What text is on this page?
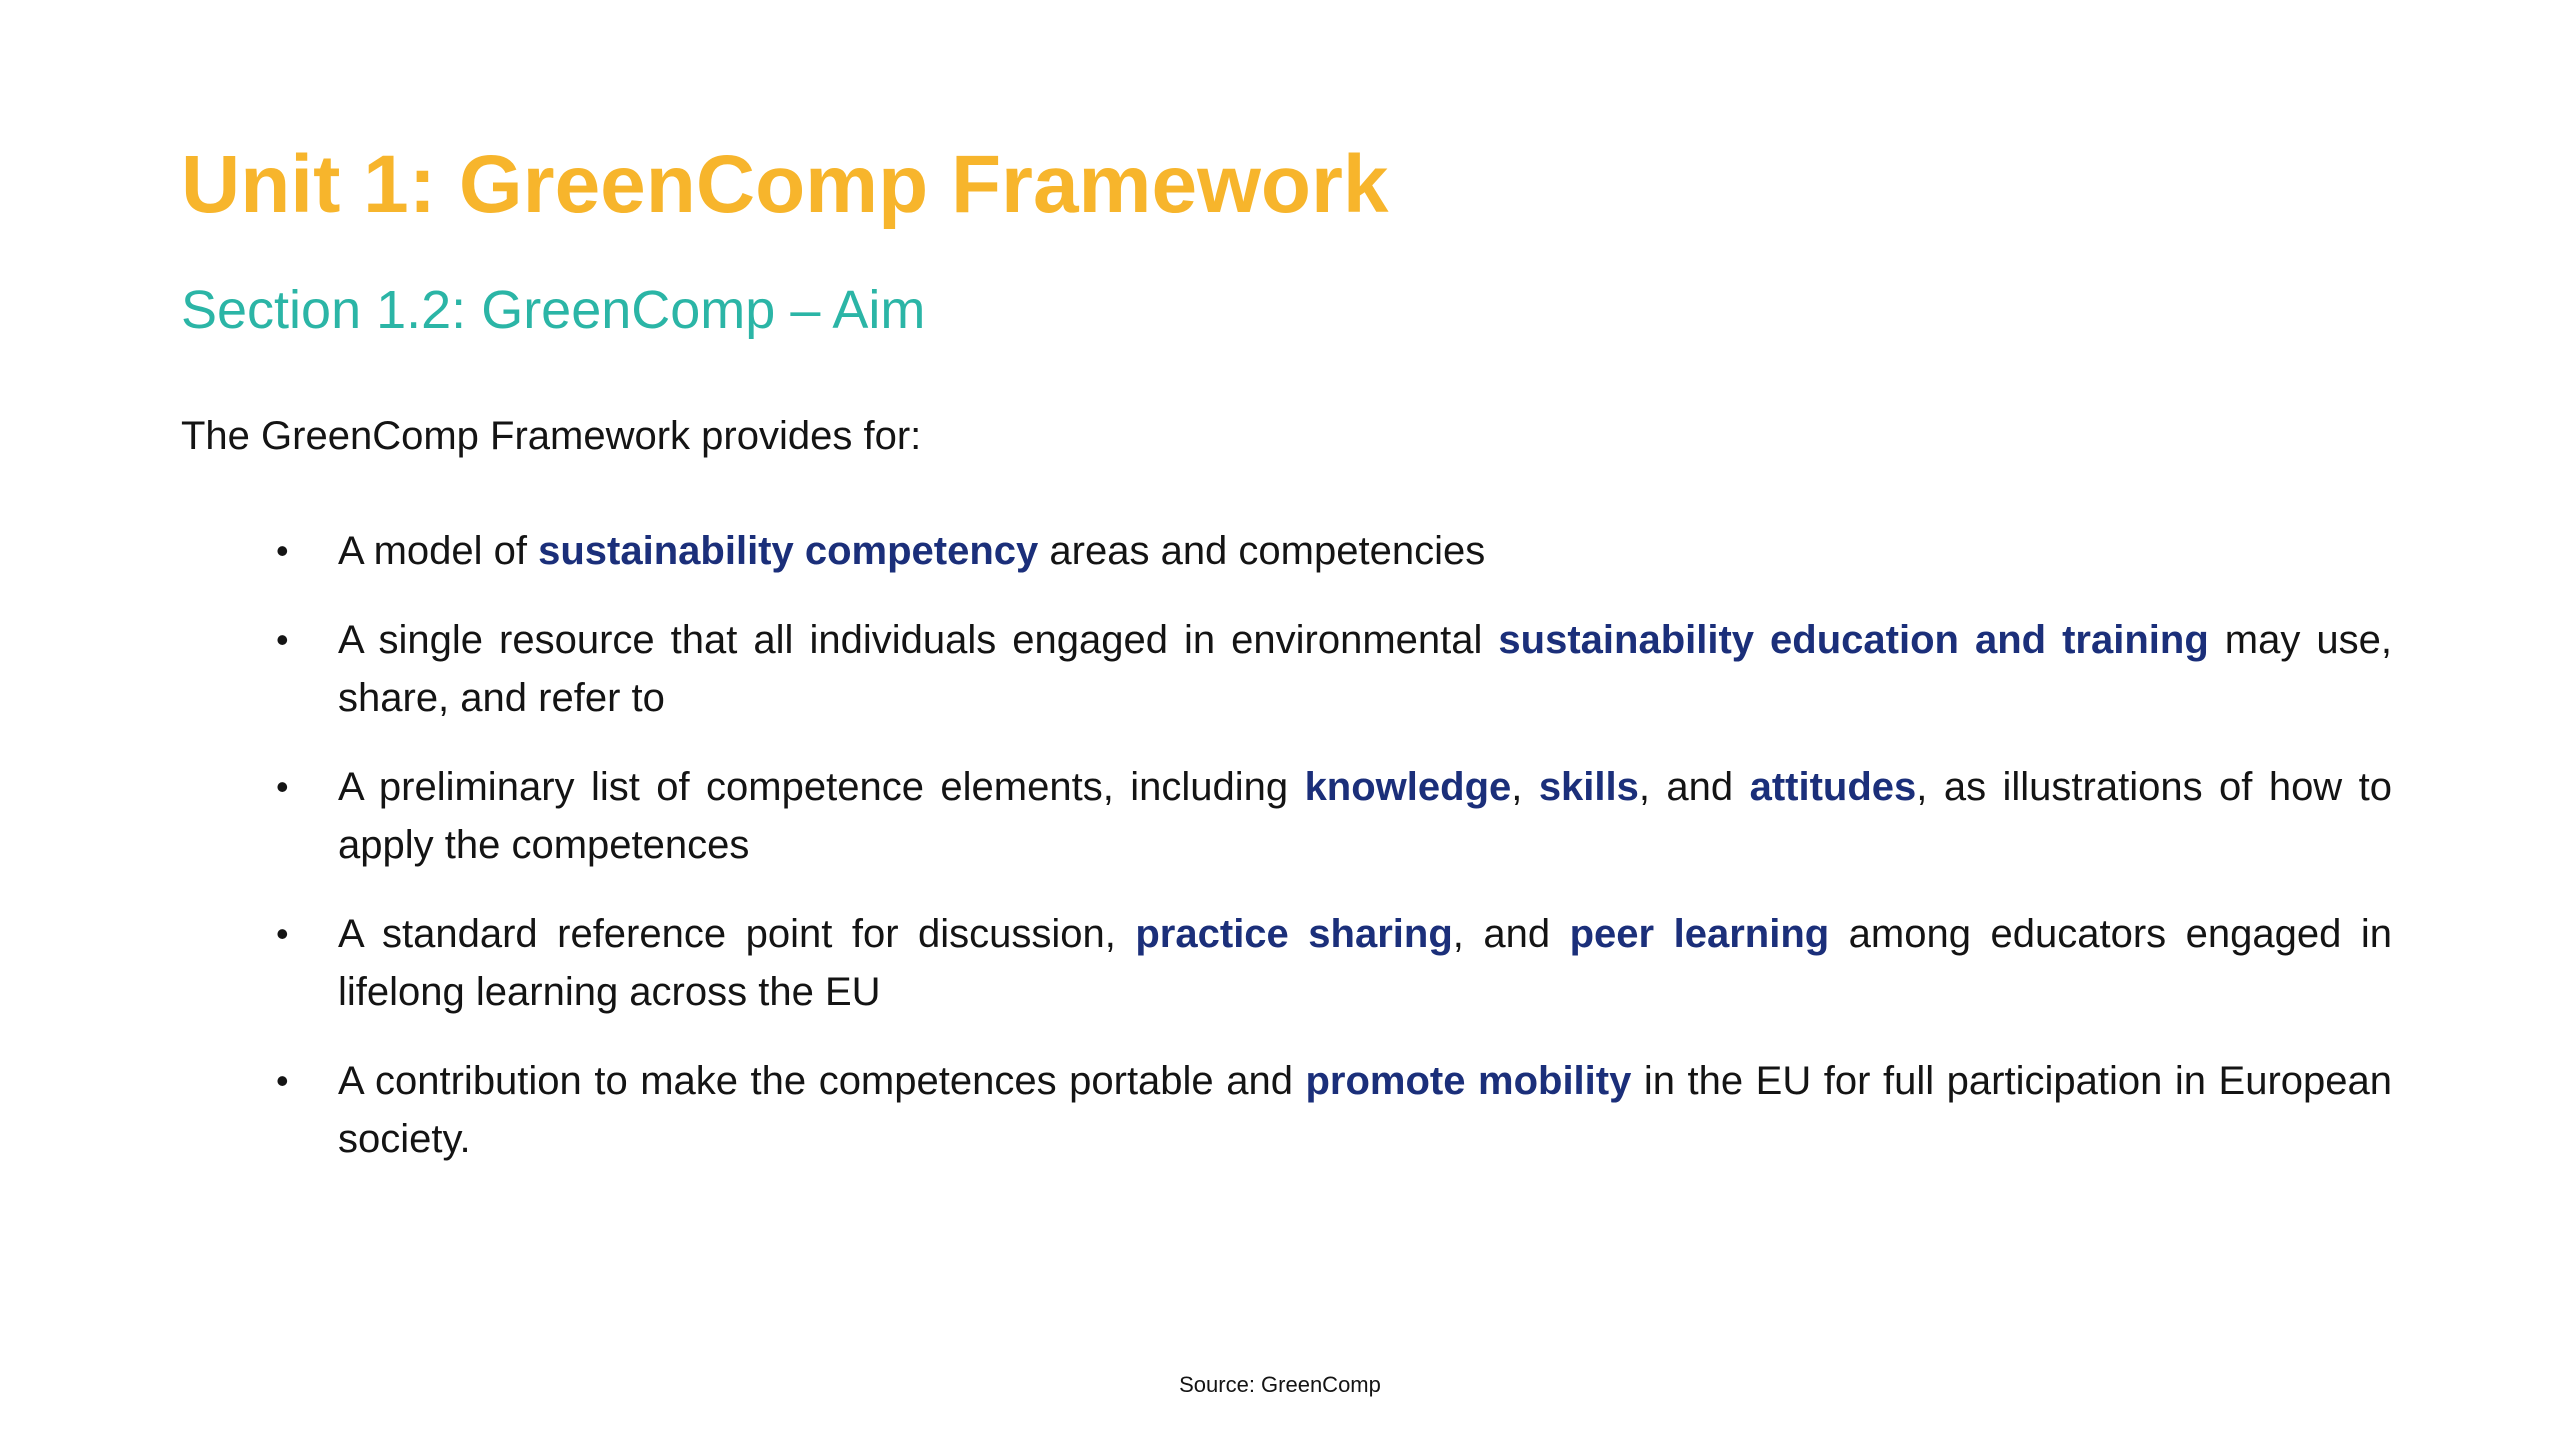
Unit 1: GreenComp Framework
Section 1.2: GreenComp – Aim

The GreenComp Framework provides for:

• A model of sustainability competency areas and competencies
• A single resource that all individuals engaged in environmental sustainability education and training may use, share, and refer to
• A preliminary list of competence elements, including knowledge, skills, and attitudes, as illustrations of how to apply the competences
• A standard reference point for discussion, practice sharing, and peer learning among educators engaged in lifelong learning across the EU
• A contribution to make the competences portable and promote mobility in the EU for full participation in European society.

Source: GreenComp
